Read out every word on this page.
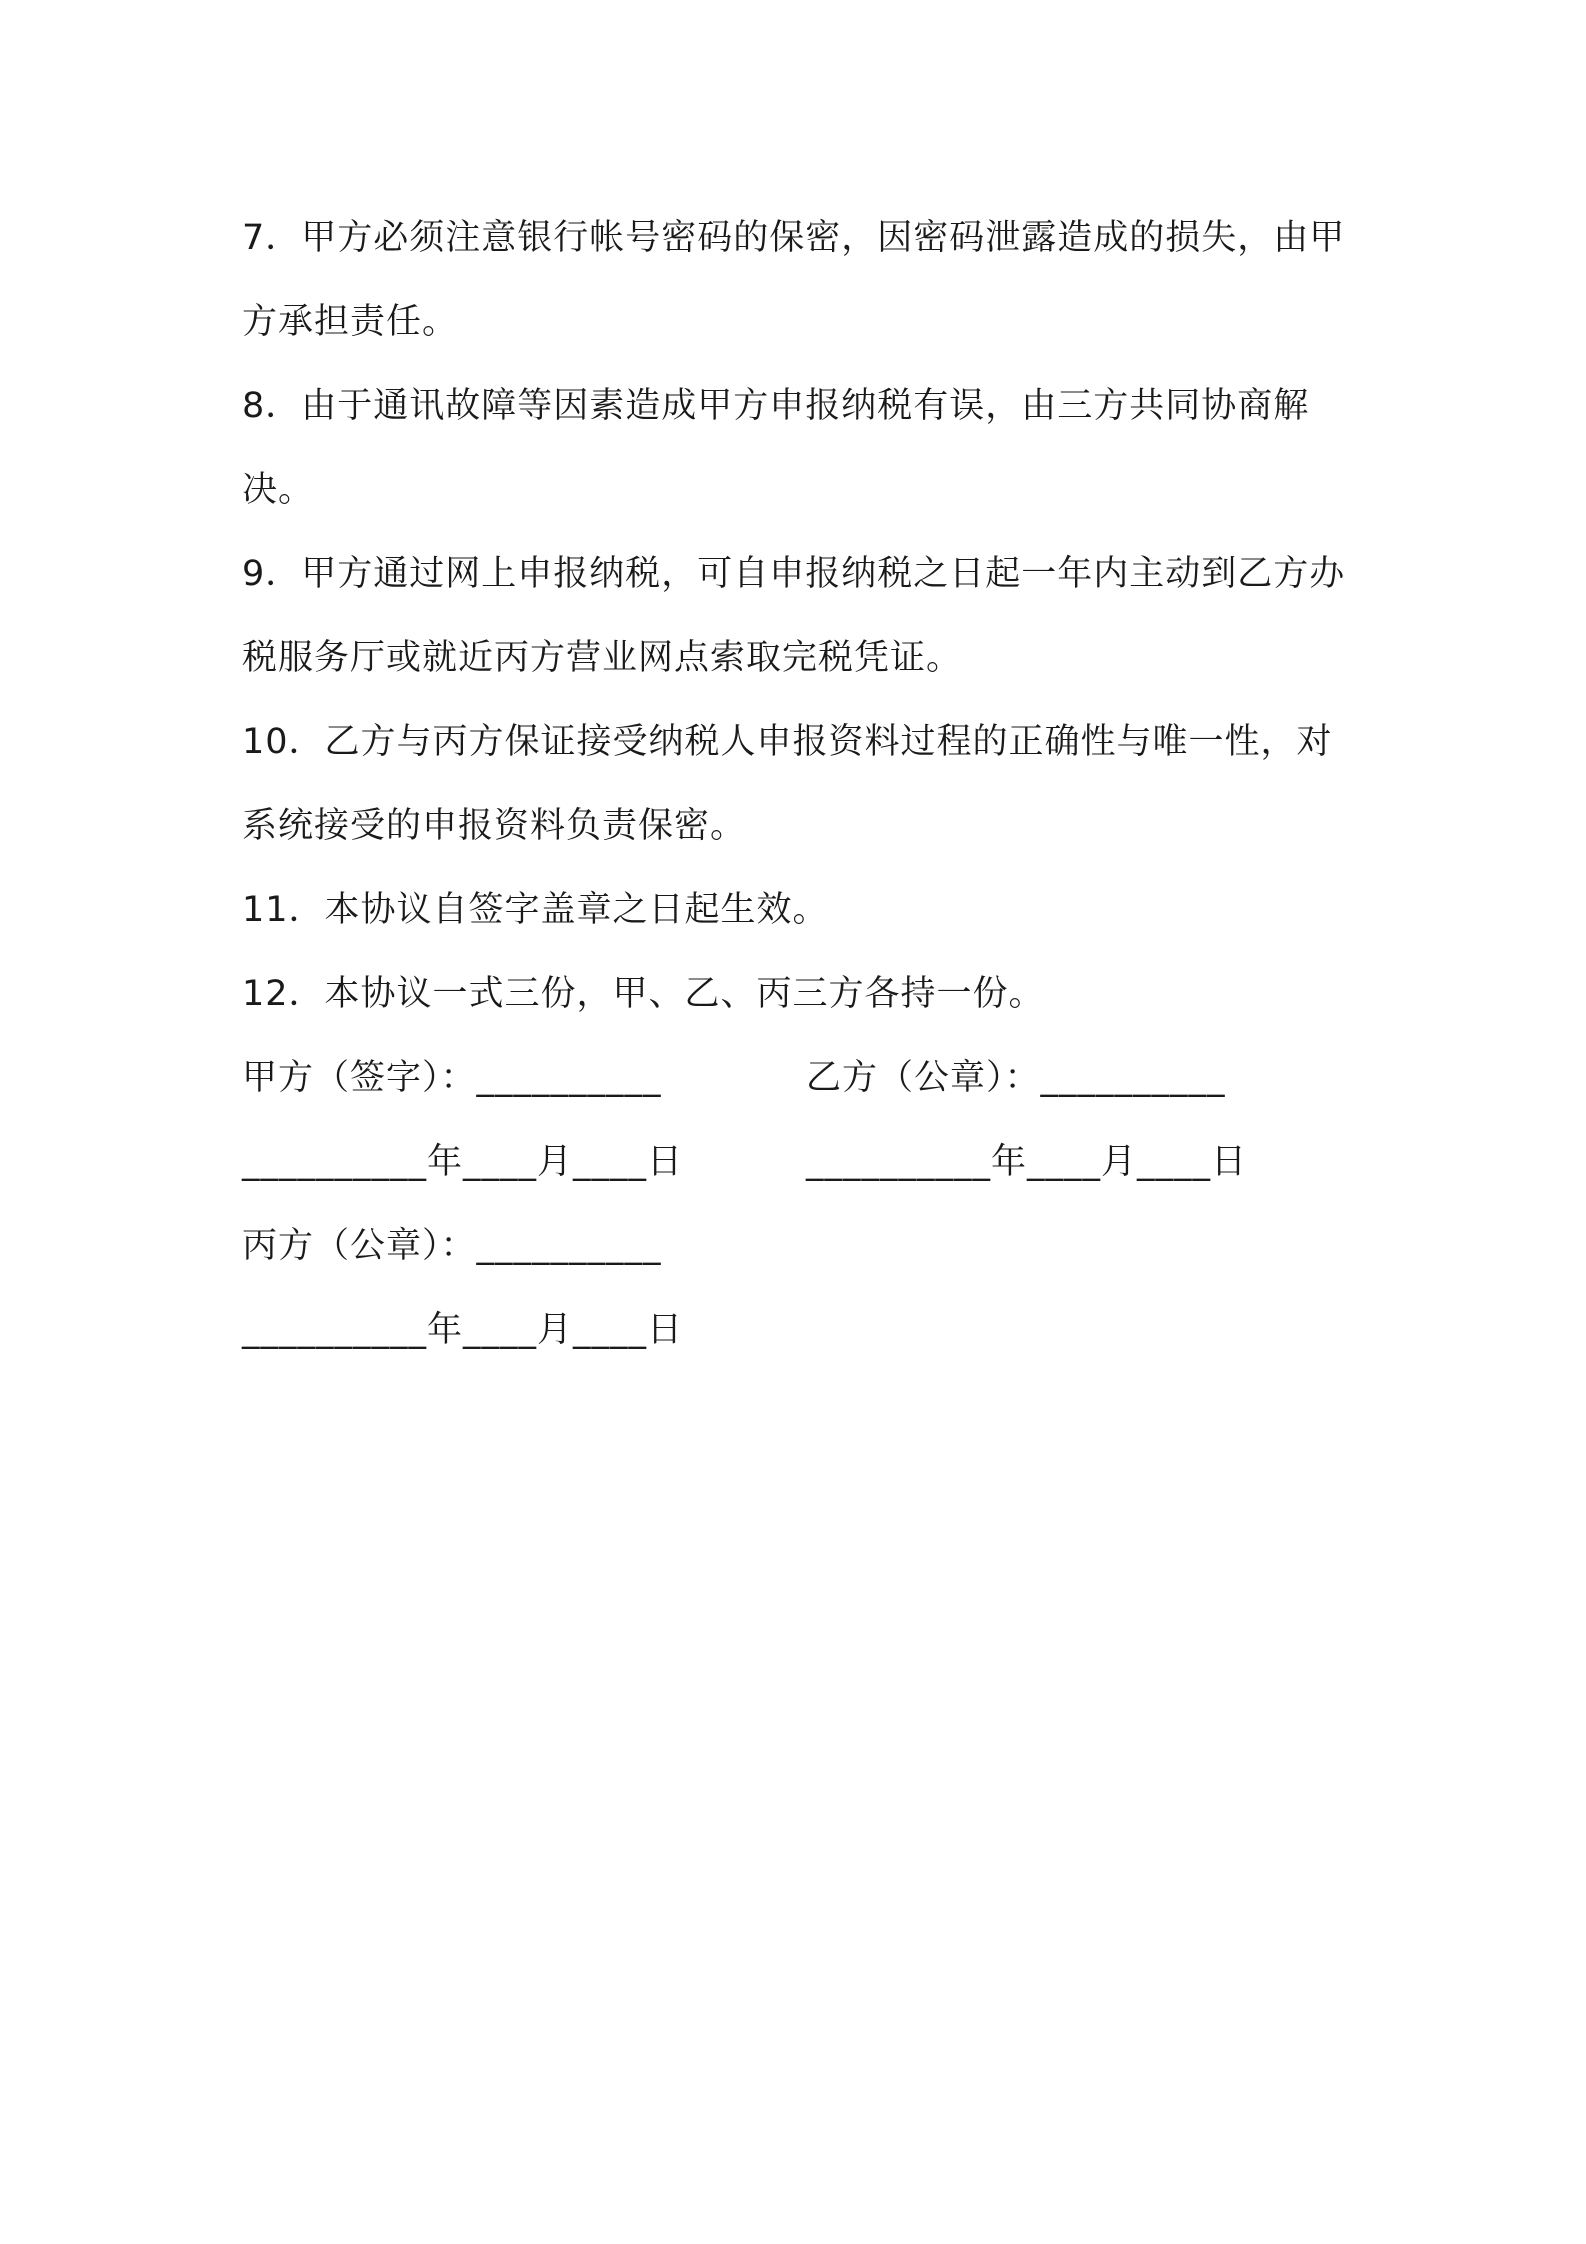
7．甲方必须注意银行帐号密码的保密，因密码泄露造成的损失，由甲方承担责任。

8．由于通讯故障等因素造成甲方申报纳税有误，由三方共同协商解决。

9．甲方通过网上申报纳税，可自申报纳税之日起一年内主动到乙方办税服务厅或就近丙方营业网点索取完税凭证。

10．乙方与丙方保证接受纳税人申报资料过程的正确性与唯一性，对系统接受的申报资料负责保密。

11．本协议自签字盖章之日起生效。

12．本协议一式三份，甲、乙、丙三方各持一份。

甲方（签字）：__________	乙方（公章）：__________
__________年____月____日	__________年____月____日
丙方（公章）：__________
__________年____月____日
